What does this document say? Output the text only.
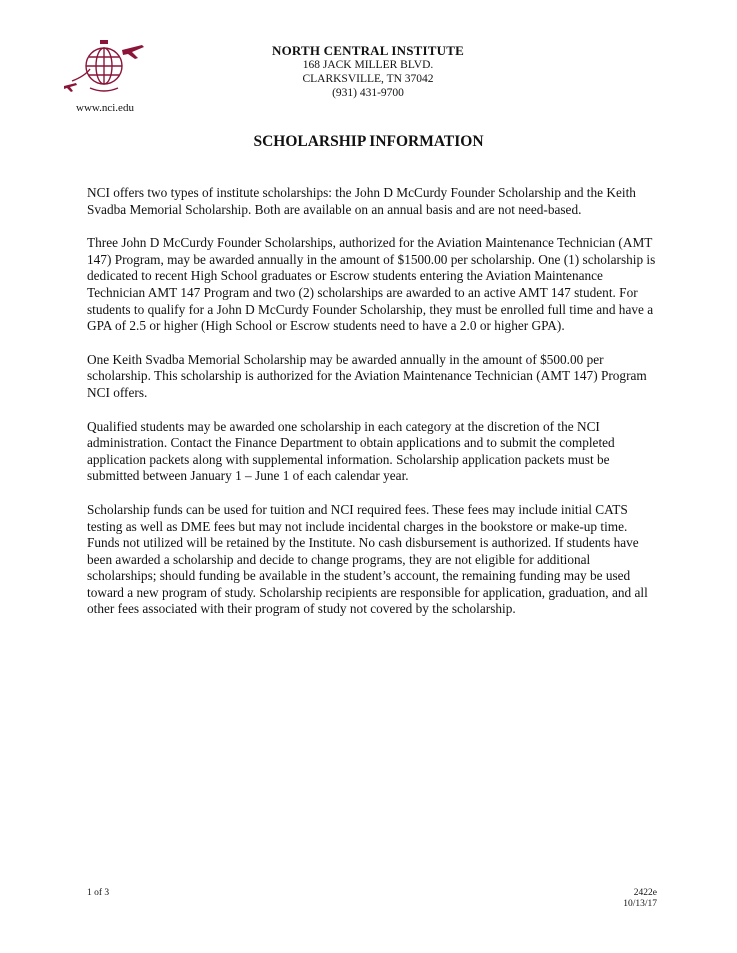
www.nci.edu
NORTH CENTRAL INSTITUTE
168 JACK MILLER BLVD.
CLARKSVILLE, TN 37042
(931) 431-9700
SCHOLARSHIP INFORMATION

NCI offers two types of institute scholarships: the John D McCurdy Founder Scholarship and the Keith Svadba Memorial Scholarship. Both are available on an annual basis and are not need-based.

Three John D McCurdy Founder Scholarships, authorized for the Aviation Maintenance Technician (AMT 147) Program, may be awarded annually in the amount of $1500.00 per scholarship. One (1) scholarship is dedicated to recent High School graduates or Escrow students entering the Aviation Maintenance Technician AMT 147 Program and two (2) scholarships are awarded to an active AMT 147 student. For students to qualify for a John D McCurdy Founder Scholarship, they must be enrolled full time and have a GPA of 2.5 or higher (High School or Escrow students need to have a 2.0 or higher GPA).

One Keith Svadba Memorial Scholarship may be awarded annually in the amount of $500.00 per scholarship. This scholarship is authorized for the Aviation Maintenance Technician (AMT 147) Program NCI offers.

Qualified students may be awarded one scholarship in each category at the discretion of the NCI administration. Contact the Finance Department to obtain applications and to submit the completed application packets along with supplemental information. Scholarship application packets must be submitted between January 1 – June 1 of each calendar year.

Scholarship funds can be used for tuition and NCI required fees. These fees may include initial CATS testing as well as DME fees but may not include incidental charges in the bookstore or make-up time. Funds not utilized will be retained by the Institute. No cash disbursement is authorized. If students have been awarded a scholarship and decide to change programs, they are not eligible for additional scholarships; should funding be available in the student’s account, the remaining funding may be used toward a new program of study. Scholarship recipients are responsible for application, graduation, and all other fees associated with their program of study not covered by the scholarship.

1 of 3	2422e
10/13/17
